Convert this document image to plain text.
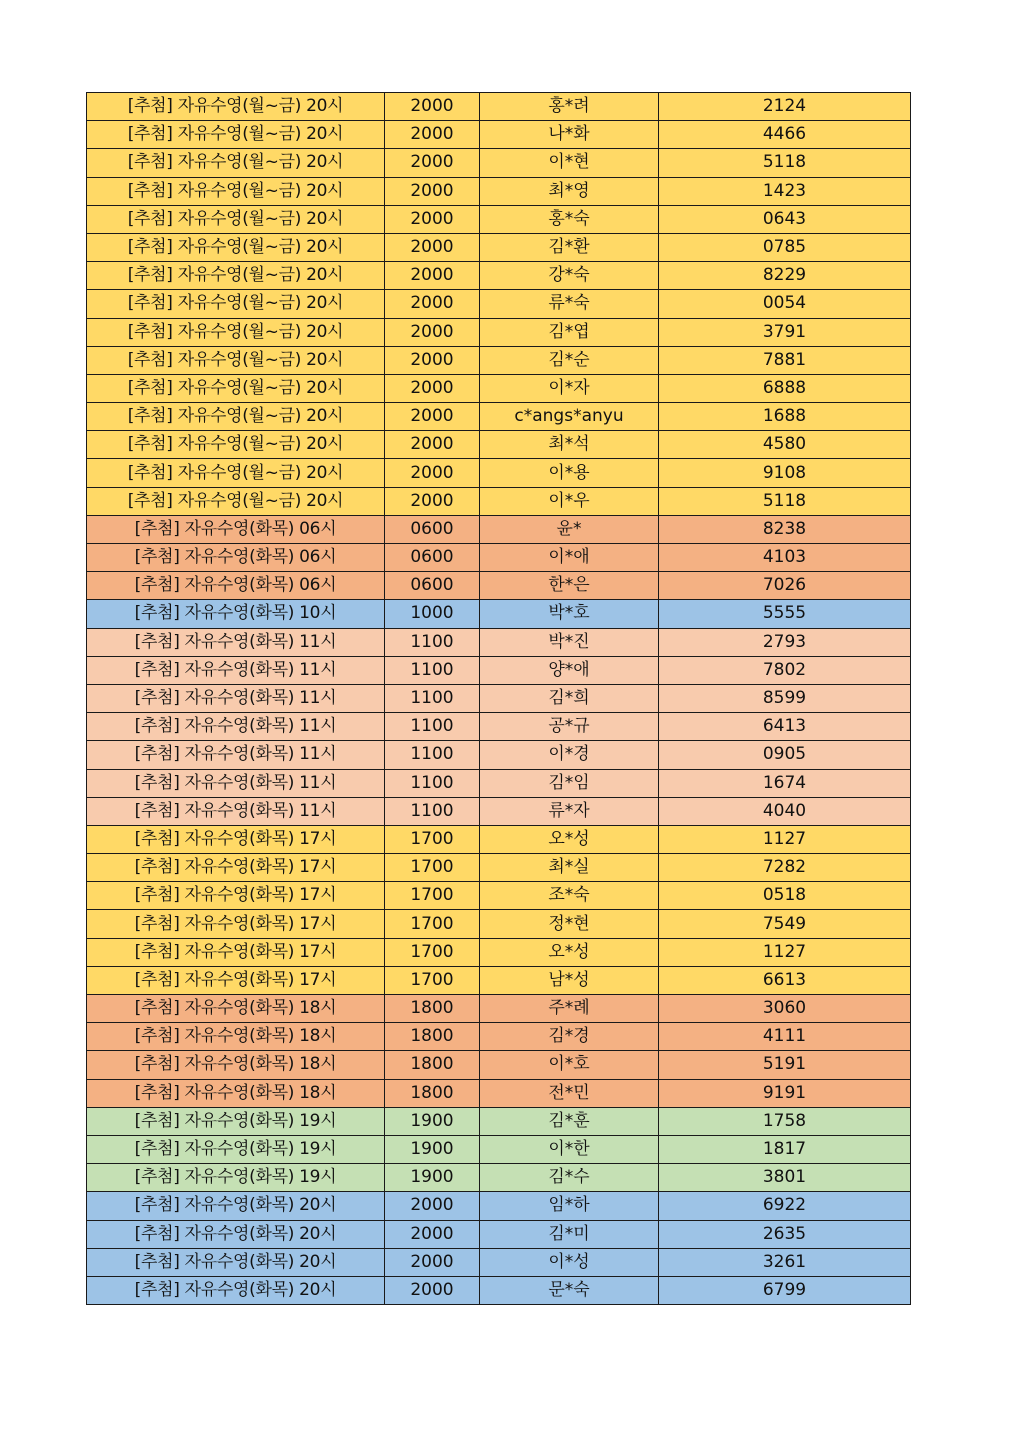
[추첨] 자유수영(월~금) 20시	2000	홍*려	2124
[추첨] 자유수영(월~금) 20시	2000	나*화	4466
[추첨] 자유수영(월~금) 20시	2000	이*현	5118
[추첨] 자유수영(월~금) 20시	2000	최*영	1423
[추첨] 자유수영(월~금) 20시	2000	홍*숙	0643
[추첨] 자유수영(월~금) 20시	2000	김*환	0785
[추첨] 자유수영(월~금) 20시	2000	강*숙	8229
[추첨] 자유수영(월~금) 20시	2000	류*숙	0054
[추첨] 자유수영(월~금) 20시	2000	김*엽	3791
[추첨] 자유수영(월~금) 20시	2000	김*순	7881
[추첨] 자유수영(월~금) 20시	2000	이*자	6888
[추첨] 자유수영(월~금) 20시	2000	c*angs*anyu	1688
[추첨] 자유수영(월~금) 20시	2000	최*석	4580
[추첨] 자유수영(월~금) 20시	2000	이*용	9108
[추첨] 자유수영(월~금) 20시	2000	이*우	5118
[추첨] 자유수영(화목) 06시	0600	윤*	8238
[추첨] 자유수영(화목) 06시	0600	이*애	4103
[추첨] 자유수영(화목) 06시	0600	한*은	7026
[추첨] 자유수영(화목) 10시	1000	박*호	5555
[추첨] 자유수영(화목) 11시	1100	박*진	2793
[추첨] 자유수영(화목) 11시	1100	양*애	7802
[추첨] 자유수영(화목) 11시	1100	김*희	8599
[추첨] 자유수영(화목) 11시	1100	공*규	6413
[추첨] 자유수영(화목) 11시	1100	이*경	0905
[추첨] 자유수영(화목) 11시	1100	김*임	1674
[추첨] 자유수영(화목) 11시	1100	류*자	4040
[추첨] 자유수영(화목) 17시	1700	오*성	1127
[추첨] 자유수영(화목) 17시	1700	최*실	7282
[추첨] 자유수영(화목) 17시	1700	조*숙	0518
[추첨] 자유수영(화목) 17시	1700	정*현	7549
[추첨] 자유수영(화목) 17시	1700	오*성	1127
[추첨] 자유수영(화목) 17시	1700	남*성	6613
[추첨] 자유수영(화목) 18시	1800	주*례	3060
[추첨] 자유수영(화목) 18시	1800	김*경	4111
[추첨] 자유수영(화목) 18시	1800	이*호	5191
[추첨] 자유수영(화목) 18시	1800	전*민	9191
[추첨] 자유수영(화목) 19시	1900	김*훈	1758
[추첨] 자유수영(화목) 19시	1900	이*한	1817
[추첨] 자유수영(화목) 19시	1900	김*수	3801
[추첨] 자유수영(화목) 20시	2000	임*하	6922
[추첨] 자유수영(화목) 20시	2000	김*미	2635
[추첨] 자유수영(화목) 20시	2000	이*성	3261
[추첨] 자유수영(화목) 20시	2000	문*숙	6799
